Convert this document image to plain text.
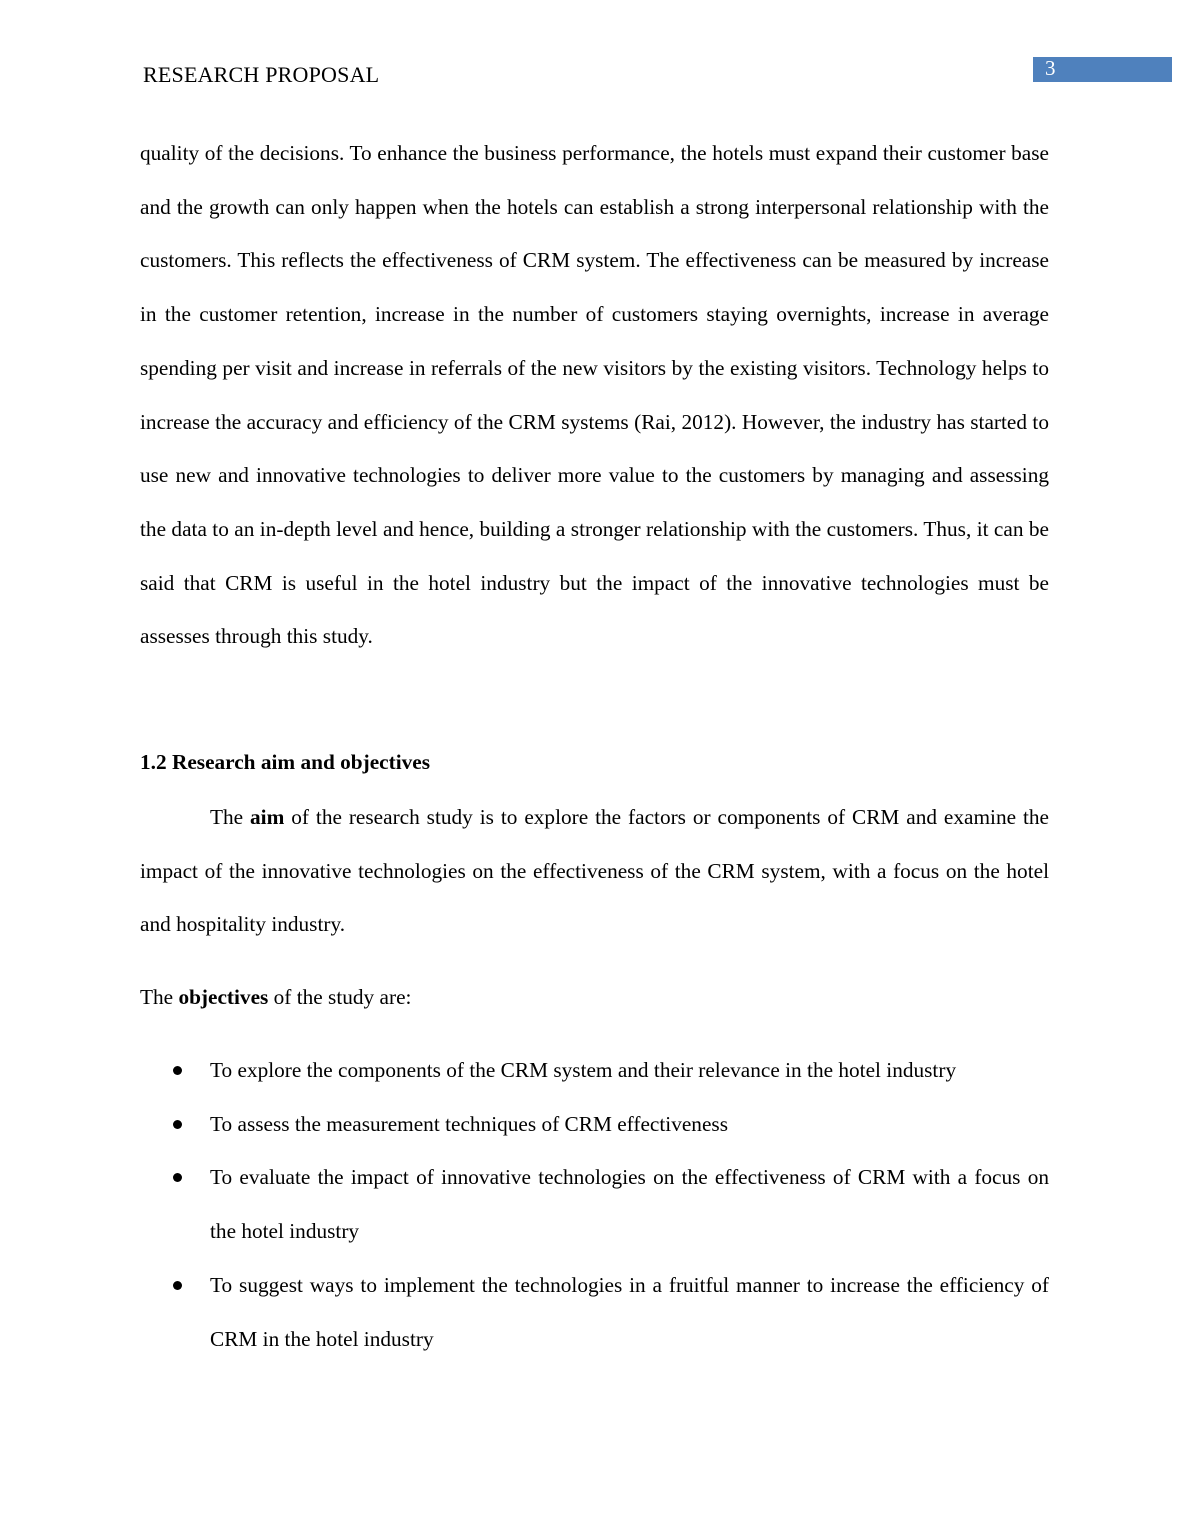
RESEARCH PROPOSAL	3

quality of the decisions. To enhance the business performance, the hotels must expand their customer base and the growth can only happen when the hotels can establish a strong interpersonal relationship with the customers. This reflects the effectiveness of CRM system. The effectiveness can be measured by increase in the customer retention, increase in the number of customers staying overnights, increase in average spending per visit and increase in referrals of the new visitors by the existing visitors. Technology helps to increase the accuracy and efficiency of the CRM systems (Rai, 2012). However, the industry has started to use new and innovative technologies to deliver more value to the customers by managing and assessing the data to an in-depth level and hence, building a stronger relationship with the customers. Thus, it can be said that CRM is useful in the hotel industry but the impact of the innovative technologies must be assesses through this study.

1.2 Research aim and objectives

The aim of the research study is to explore the factors or components of CRM and examine the impact of the innovative technologies on the effectiveness of the CRM system, with a focus on the hotel and hospitality industry.

The objectives of the study are:

To explore the components of the CRM system and their relevance in the hotel industry
To assess the measurement techniques of CRM effectiveness
To evaluate the impact of innovative technologies on the effectiveness of CRM with a focus on the hotel industry
To suggest ways to implement the technologies in a fruitful manner to increase the efficiency of CRM in the hotel industry
